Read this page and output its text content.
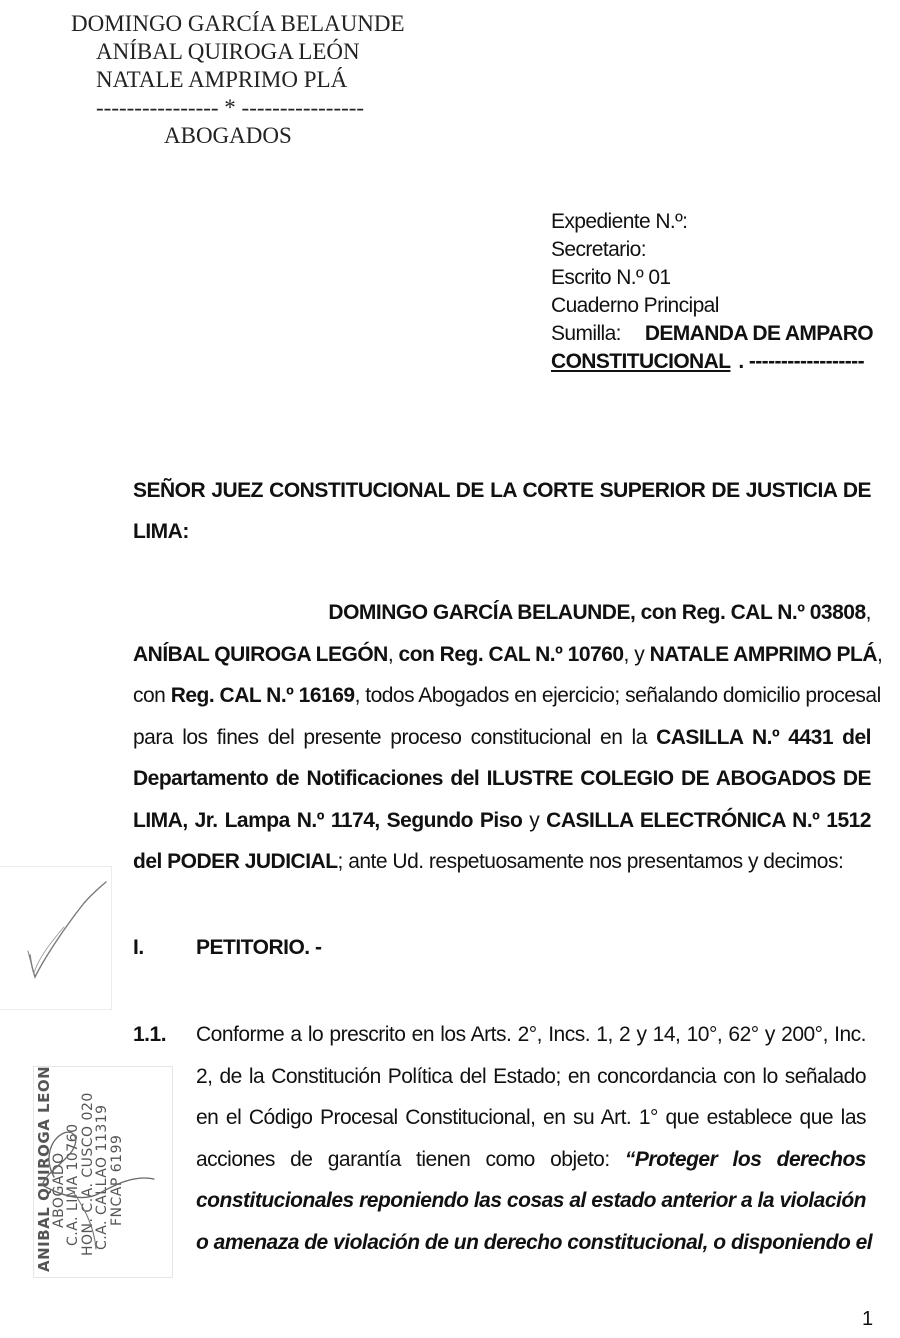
DOMINGO GARCÍA BELAUNDE
ANÍBAL QUIROGA LEÓN
NATALE AMPRIMO PLÁ
---------------- * ----------------
ABOGADOS
Expediente N.º:
Secretario:
Escrito N.º 01
Cuaderno Principal
Sumilla: DEMANDA DE AMPARO
CONSTITUCIONAL . ------------------
SEÑOR JUEZ CONSTITUCIONAL DE LA CORTE SUPERIOR DE JUSTICIA DE LIMA:
DOMINGO GARCÍA BELAUNDE, con Reg. CAL N.º 03808,
ANÍBAL QUIROGA LEGÓN, con Reg. CAL N.º 10760, y NATALE AMPRIMO PLÁ,
con Reg. CAL N.º 16169, todos Abogados en ejercicio; señalando domicilio procesal
para los fines del presente proceso constitucional en la CASILLA N.º 4431 del
Departamento de Notificaciones del ILUSTRE COLEGIO DE ABOGADOS DE
LIMA, Jr. Lampa N.º 1174, Segundo Piso y CASILLA ELECTRÓNICA N.º 1512
del PODER JUDICIAL; ante Ud. respetuosamente nos presentamos y decimos:
I. PETITORIO. -
1.1. Conforme a lo prescrito en los Arts. 2°, Incs. 1, 2 y 14, 10°, 62° y 200°, Inc.
2, de la Constitución Política del Estado; en concordancia con lo señalado
en el Código Procesal Constitucional, en su Art. 1° que establece que las
acciones de garantía tienen como objeto: “Proteger los derechos
constitucionales reponiendo las cosas al estado anterior a la violación
o amenaza de violación de un derecho constitucional, o disponiendo el
ANIBAL QUIROGA LEON
ABOGADO
C.A. LIMA 10760
HON. C.A. CUSCO 020
C.A. CALLAO 11319
FNCAP 6199
1
